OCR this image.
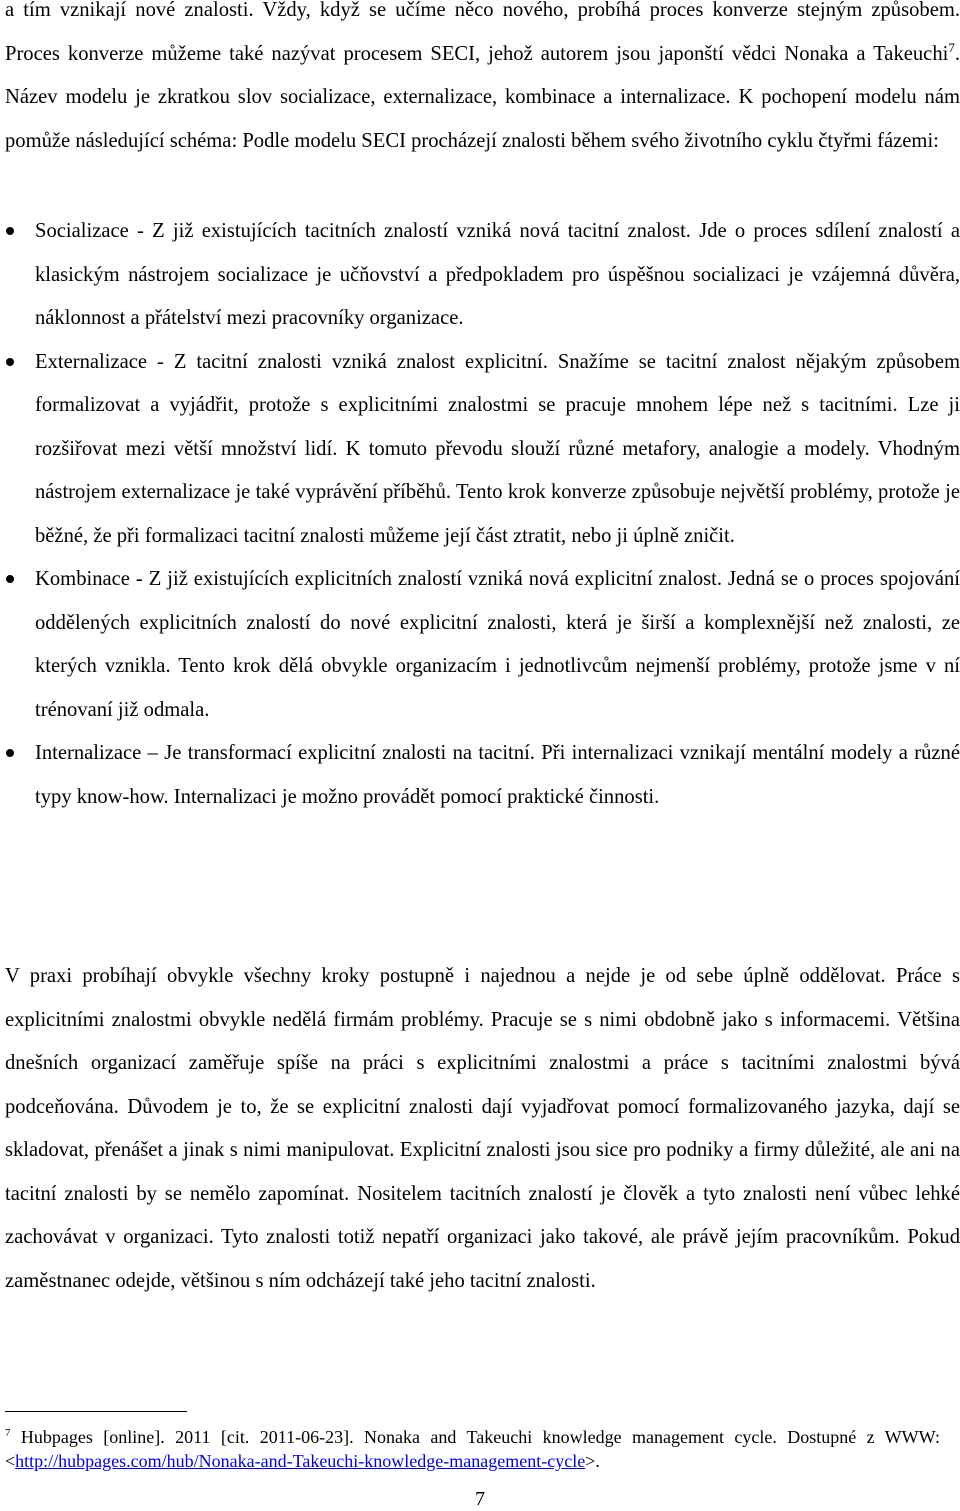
a tím vznikají nové znalosti. Vždy, když se učíme něco nového, probíhá proces konverze stejným způsobem. Proces konverze můžeme také nazývat procesem SECI, jehož autorem jsou japonští vědci Nonaka a Takeuchi$^7$. Název modelu je zkratkou slov socializace, externalizace, kombinace a internalizace. K pochopení modelu nám pomůže následující schéma: Podle modelu SECI procházejí znalosti během svého životního cyklu čtyřmi fázemi:
Socializace - Z již existujících tacitních znalostí vzniká nová tacitní znalost. Jde o proces sdílení znalostí a klasickým nástrojem socializace je učňovství a předpokladem pro úspěšnou socializaci je vzájemná důvěra, náklonnost a přátelství mezi pracovníky organizace.
Externalizace - Z tacitní znalosti vzniká znalost explicitní. Snažíme se tacitní znalost nějakým způsobem formalizovat a vyjádřit, protože s explicitními znalostmi se pracuje mnohem lépe než s tacitními. Lze ji rozšiřovat mezi větší množství lidí. K tomuto převodu slouží různé metafory, analogie a modely. Vhodným nástrojem externalizace je také vyprávění příběhů. Tento krok konverze způsobuje největší problémy, protože je běžné, že při formalizaci tacitní znalosti můžeme její část ztratit, nebo ji úplně zničit.
Kombinace - Z již existujících explicitních znalostí vzniká nová explicitní znalost. Jedná se o proces spojování oddělených explicitních znalostí do nové explicitní znalosti, která je širší a komplexnější než znalosti, ze kterých vznikla. Tento krok dělá obvykle organizacím i jednotlivcům nejmenší problémy, protože jsme v ní trénovaní již odmala.
Internalizace – Je transformací explicitní znalosti na tacitní. Při internalizaci vznikají mentální modely a různé typy know-how. Internalizaci je možno provádět pomocí praktické činnosti.
V praxi probíhají obvykle všechny kroky postupně i najednou a nejde je od sebe úplně oddělovat. Práce s explicitními znalostmi obvykle nedělá firmám problémy. Pracuje se s nimi obdobně jako s informacemi. Většina dnešních organizací zaměřuje spíše na práci s explicitními znalostmi a práce s tacitními znalostmi bývá podceňována. Důvodem je to, že se explicitní znalosti dají vyjadřovat pomocí formalizovaného jazyka, dají se skladovat, přenášet a jinak s nimi manipulovat. Explicitní znalosti jsou sice pro podniky a firmy důležité, ale ani na tacitní znalosti by se nemělo zapomínat. Nositelem tacitních znalostí je člověk a tyto znalosti není vůbec lehké zachovávat v organizaci. Tyto znalosti totiž nepatří organizaci jako takové, ale právě jejím pracovníkům. Pokud zaměstnanec odejde, většinou s ním odcházejí také jeho tacitní znalosti.
$^7$ Hubpages [online]. 2011 [cit. 2011-06-23]. Nonaka and Takeuchi knowledge management cycle. Dostupné z WWW: <http://hubpages.com/hub/Nonaka-and-Takeuchi-knowledge-management-cycle>.
7
